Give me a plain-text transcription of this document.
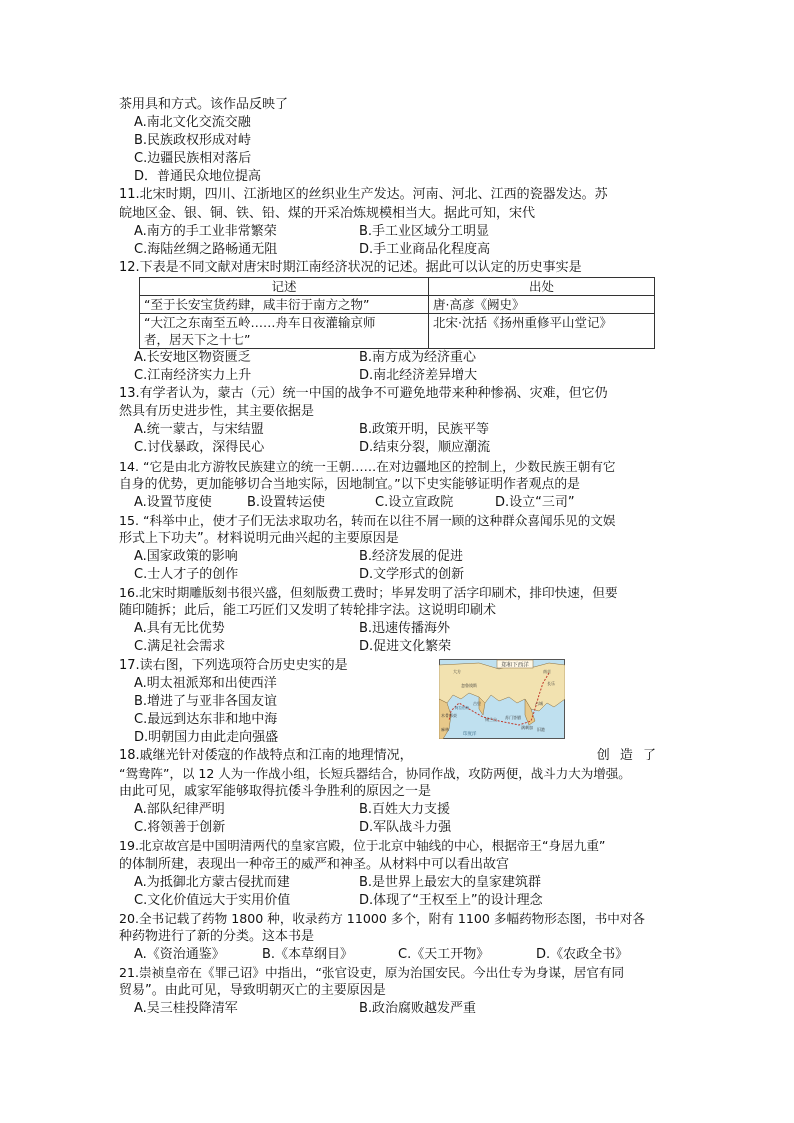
茶用具和方式。该作品反映了
A.南北文化交流交融
B.民族政权形成对峙
C.边疆民族相对落后
D．普通民众地位提高
11.北宋时期，四川、江浙地区的丝织业生产发达。河南、河北、江西的瓷器发达。苏
皖地区金、银、铜、铁、铅、煤的开采冶炼规模相当大。据此可知，宋代
A.南方的手工业非常繁荣	B.手工业区域分工明显
C.海陆丝绸之路畅通无阻	D.手工业商品化程度高
12.下表是不同文献对唐宋时期江南经济状况的记述。据此可以认定的历史事实是
记述	出处
“至于长安宝货药肆，咸丰衍于南方之物”	唐·高彦《阙史》

“大江之东南至五岭……舟车日夜灌输京师
者，居天下之十七”	北宋·沈括《扬州重修平山堂记》
A.长安地区物资匮乏	B.南方成为经济重心
C.江南经济实力上升	D.南北经济差异增大
13.有学者认为，蒙古（元）统一中国的战争不可避免地带来种种惨祸、灾难，但它仍
然具有历史进步性，其主要依据是
A.统一蒙古，与宋结盟	B.政策开明，民族平等
C.讨伐暴政，深得民心	D.结束分裂，顺应潮流
14. “它是由北方游牧民族建立的统一王朝……在对边疆地区的控制上，少数民族王朝有它
自身的优势，更加能够切合当地实际，因地制宜。”以下史实能够证明作者观点的是
A.设置节度使	B.设置转运使	C.设立宣政院	D.设立“三司”
15. “科举中止，使才子们无法求取功名，转而在以往不屑一顾的这种群众喜闻乐见的文娱
形式上下功夫”。材料说明元曲兴起的主要原因是
A.国家政策的影响	B.经济发展的促进
C.士人才子的创作	D.文学形式的创新
16.北宋时期雕版刻书很兴盛，但刻版费工费时；毕昇发明了活字印刷术，排印快速，但要
随印随拆；此后，能工巧匠们又发明了转轮排字法。这说明印刷术
A.具有无比优势	B.迅速传播海外
C.满足社会需求	D.促进文化繁荣
17.读右图，下列选项符合历史史实的是
A.明太祖派郑和出使西洋
B.增进了与亚非各国友谊
C.最远到达东非和地中海
D.明朝国力由此走向强盛
郑和下西洋
南京
长乐
大方
锡兰山
古里
忽鲁谟斯
麻林
木骨都束	苏门答腊
满刺加 旧港
占城
印度洋
阿拉伯海
18.戚继光针对倭寇的作战特点和江南的地理情况，	创 造 了
“鸳鸯阵”，以 12 人为一作战小组，长短兵器结合，协同作战，攻防两便，战斗力大为增强。
由此可见，戚家军能够取得抗倭斗争胜利的原因之一是
A.部队纪律严明	B.百姓大力支援
C.将领善于创新	D.军队战斗力强
19.北京故宫是中国明清两代的皇家宫殿，位于北京中轴线的中心，根据帝王“身居九重”
的体制所建，表现出一种帝王的威严和神圣。从材料中可以看出故宫
A.为抵御北方蒙古侵扰而建	B.是世界上最宏大的皇家建筑群
C.文化价值远大于实用价值	D.体现了“王权至上”的设计理念
20.全书记载了药物 1800 种，收录药方 11000 多个，附有 1100 多幅药物形态图，书中对各
种药物进行了新的分类。这本书是
A.《资治通鉴》	B.《本草纲目》	C.《天工开物》	D.《农政全书》
21.崇祯皇帝在《罪己诏》中指出，“张官设吏，原为治国安民。今出仕专为身谋，居官有同
贸易”。由此可见，导致明朝灭亡的主要原因是
A.吴三桂投降清军	B.政治腐败越发严重
